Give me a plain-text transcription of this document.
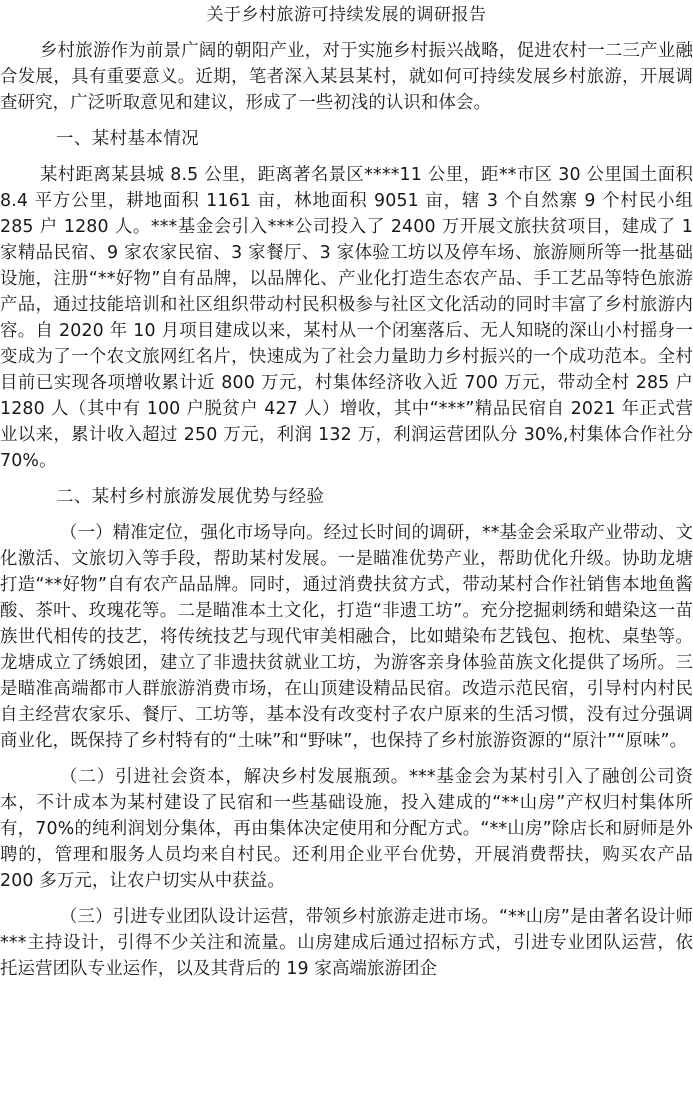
关于乡村旅游可持续发展的调研报告

乡村旅游作为前景广阔的朝阳产业，对于实施乡村振兴战略，促进农村一二三产业融合发展，具有重要意义。近期，笔者深入某县某村，就如何可持续发展乡村旅游，开展调查研究，广泛听取意见和建议，形成了一些初浅的认识和体会。

一、某村基本情况

某村距离某县城 8.5 公里，距离著名景区****11 公里，距**市区 30 公里国土面积 8.4 平方公里，耕地面积 1161 亩，林地面积 9051 亩，辖 3 个自然寨 9 个村民小组 285 户 1280 人。***基金会引入***公司投入了 2400 万开展文旅扶贫项目，建成了 1 家精品民宿、9 家农家民宿、3 家餐厅、3 家体验工坊以及停车场、旅游厕所等一批基础设施，注册“**好物”自有品牌，以品牌化、产业化打造生态农产品、手工艺品等特色旅游产品，通过技能培训和社区组织带动村民积极参与社区文化活动的同时丰富了乡村旅游内容。自 2020 年 10 月项目建成以来，某村从一个闭塞落后、无人知晓的深山小村摇身一变成为了一个农文旅网红名片，快速成为了社会力量助力乡村振兴的一个成功范本。全村目前已实现各项增收累计近 800 万元，村集体经济收入近 700 万元，带动全村 285 户 1280 人（其中有 100 户脱贫户 427 人）增收，其中“***”精品民宿自 2021 年正式营业以来，累计收入超过 250 万元，利润 132 万，利润运营团队分 30%,村集体合作社分 70%。

二、某村乡村旅游发展优势与经验

（一）精准定位，强化市场导向。经过长时间的调研，**基金会采取产业带动、文化激活、文旅切入等手段，帮助某村发展。一是瞄准优势产业，帮助优化升级。协助龙塘打造“**好物”自有农产品品牌。同时，通过消费扶贫方式，带动某村合作社销售本地鱼酱酸、茶叶、玫瑰花等。二是瞄准本土文化，打造“非遗工坊”。充分挖掘刺绣和蜡染这一苗族世代相传的技艺，将传统技艺与现代审美相融合，比如蜡染布艺钱包、抱枕、桌垫等。龙塘成立了绣娘团，建立了非遗扶贫就业工坊，为游客亲身体验苗族文化提供了场所。三是瞄准高端都市人群旅游消费市场，在山顶建设精品民宿。改造示范民宿，引导村内村民自主经营农家乐、餐厅、工坊等，基本没有改变村子农户原来的生活习惯，没有过分强调商业化，既保持了乡村特有的“土味”和“野味”，也保持了乡村旅游资源的“原汁”“原味”。

（二）引进社会资本，解决乡村发展瓶颈。***基金会为某村引入了融创公司资本，不计成本为某村建设了民宿和一些基础设施，投入建成的“**山房”产权归村集体所有，70%的纯利润划分集体，再由集体决定使用和分配方式。“**山房”除店长和厨师是外聘的，管理和服务人员均来自村民。还利用企业平台优势，开展消费帮扶，购买农产品 200 多万元，让农户切实从中获益。

（三）引进专业团队设计运营，带领乡村旅游走进市场。“**山房”是由著名设计师***主持设计，引得不少关注和流量。山房建成后通过招标方式，引进专业团队运营，依托运营团队专业运作，以及其背后的 19 家高端旅游团企
